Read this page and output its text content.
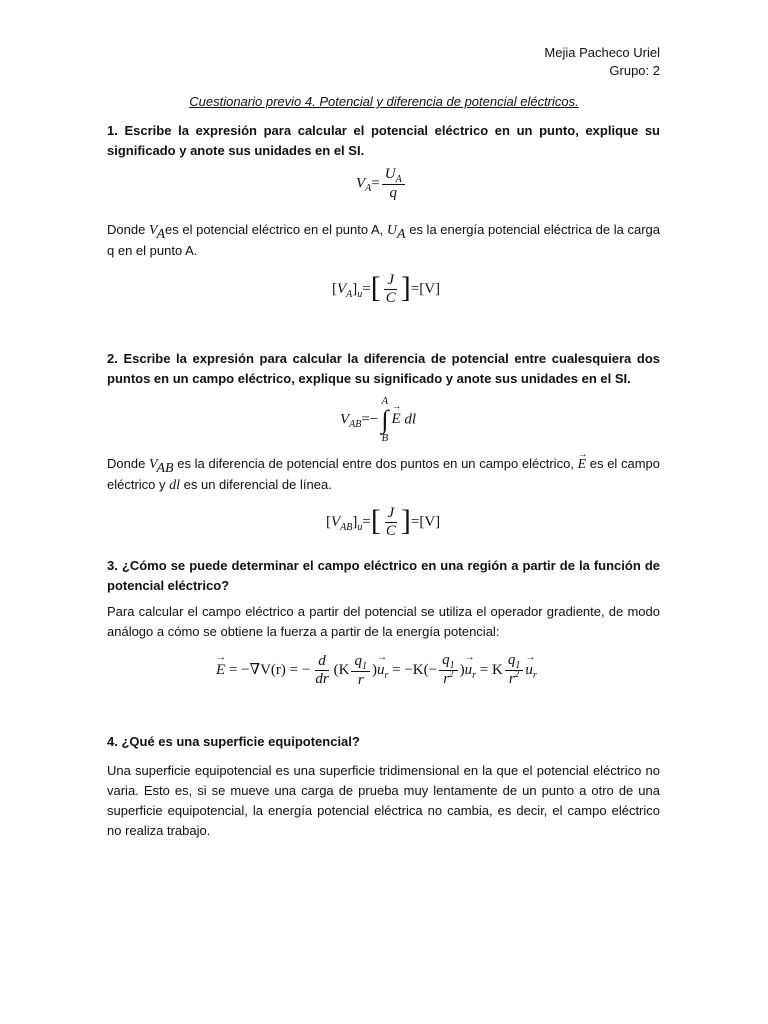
Mejia Pacheco Uriel
Grupo: 2
Cuestionario previo 4. Potencial y diferencia de potencial eléctricos.
1. Escribe la expresión para calcular el potencial eléctrico en un punto, explique su significado y anote sus unidades en el SI.
$V_A= \frac{U_A}{q}$
Donde VAes el potencial eléctrico en el punto A, UA es la energía potencial eléctrica de la carga q en el punto A.
$[V_A]_u=[ \frac{J}{C} ]=[V]$
2. Escribe la expresión para calcular la diferencia de potencial entre cualesquiera dos puntos en un campo eléctrico, explique su significado y anote sus unidades en el SI.
$V_{AB}=-$
A
∫
B
→ E dl
Donde VAB es la diferencia de potencial entre dos puntos en un campo eléctrico, → E es el campo eléctrico y dl es un diferencial de línea.
$[V_{AB}]_u=[ \frac{J}{C} ]=[V]$
3. ¿Cómo se puede determinar el campo eléctrico en una región a partir de la función de potencial eléctrico?
Para calcular el campo eléctrico a partir del potencial se utiliza el operador gradiente, de modo análogo a cómo se obtiene la fuerza a partir de la energía potencial:
→ E = −∇V(r) = − $\frac{d}{dr} (K \frac{q_1}{r}$ )→ $u_r = -K(- \frac{q_1}{r^2}$ )→ $u_r = K \frac{q_1}{r^2}$
→ $u_r$
4. ¿Qué es una superficie equipotencial?
Una superficie equipotencial es una superficie tridimensional en la que el potencial eléctrico no varia. Esto es, si se mueve una carga de prueba muy lentamente de un punto a otro de una superficie equipotencial, la energía potencial eléctrica no cambia, es decir, el campo eléctrico no realiza trabajo.
